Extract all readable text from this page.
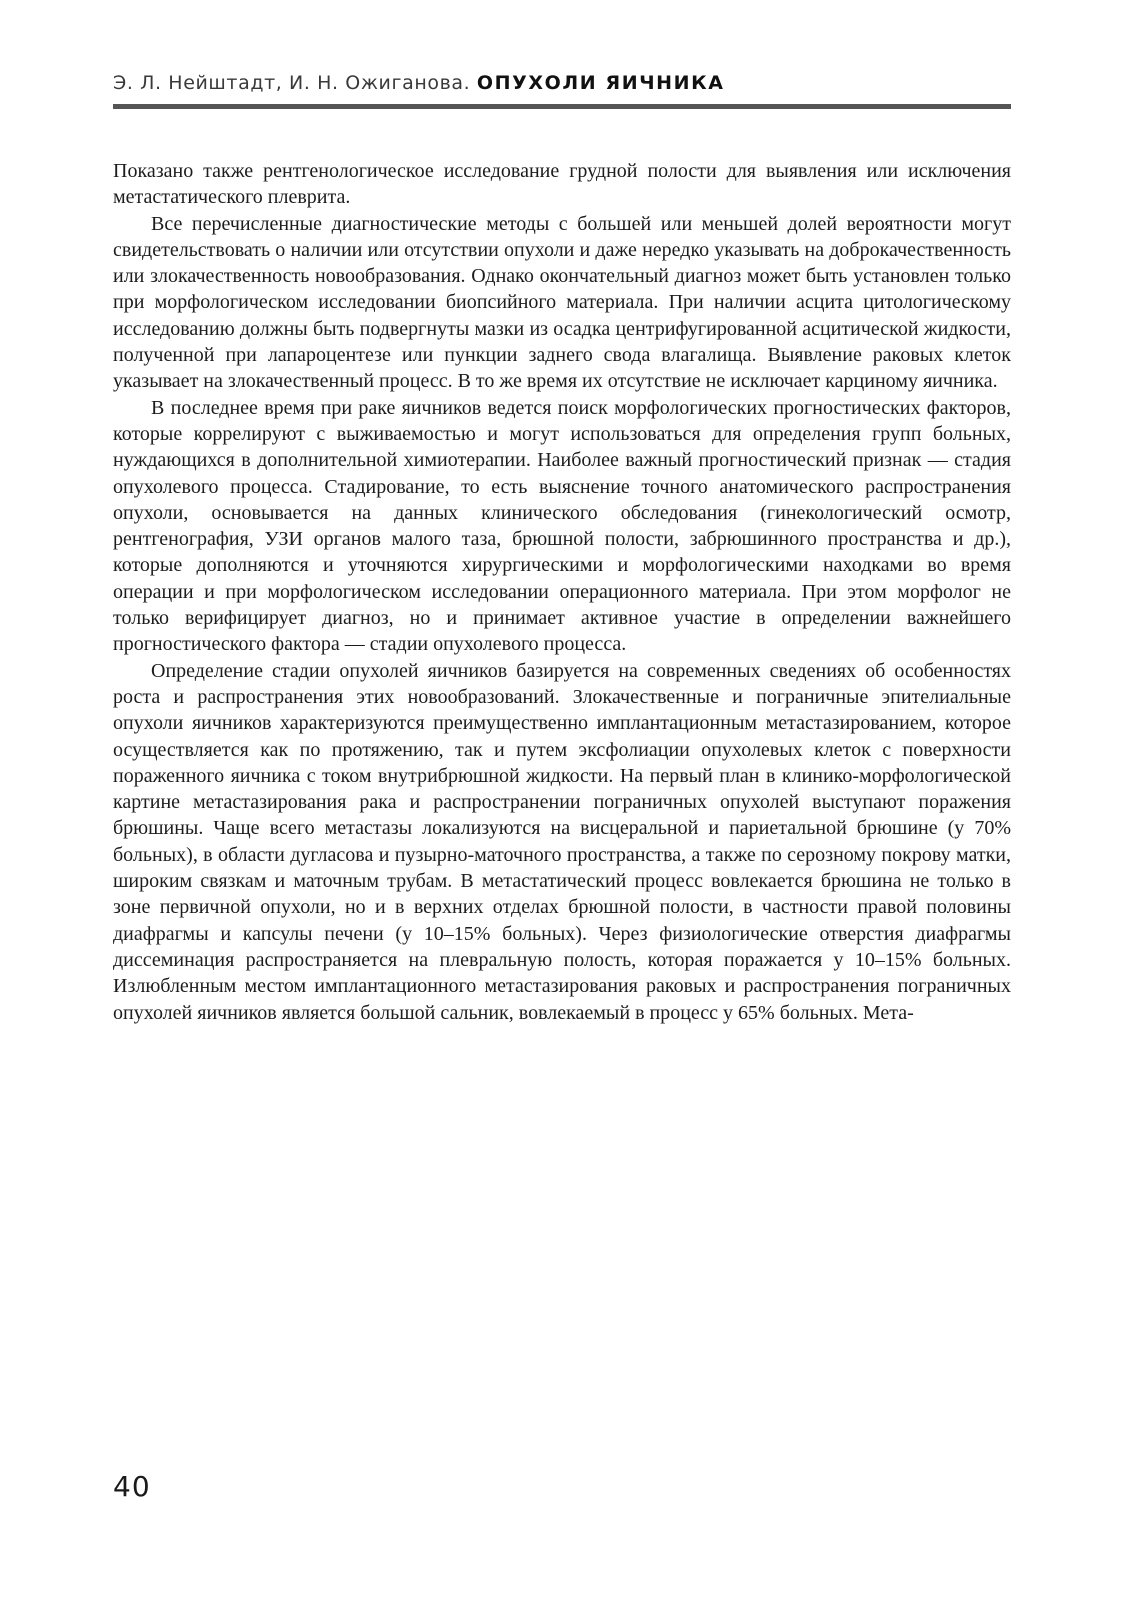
Э. Л. Нейштадт, И. Н. Ожиганова. ОПУХОЛИ ЯИЧНИКА

Показано также рентгенологическое исследование грудной полости для выявления или исключения метастатического плеврита.

Все перечисленные диагностические методы с большей или меньшей долей вероятности могут свидетельствовать о наличии или отсутствии опухоли и даже нередко указывать на доброкачественность или злокачественность новообразования. Однако окончательный диагноз может быть установлен только при морфологическом исследовании биопсийного материала. При наличии асцита цитологическому исследованию должны быть подвергнуты мазки из осадка центрифугированной асцитической жидкости, полученной при лапароцентезе или пункции заднего свода влагалища. Выявление раковых клеток указывает на злокачественный процесс. В то же время их отсутствие не исключает карциному яичника.

В последнее время при раке яичников ведется поиск морфологических прогностических факторов, которые коррелируют с выживаемостью и могут использоваться для определения групп больных, нуждающихся в дополнительной химиотерапии. Наиболее важный прогностический признак — стадия опухолевого процесса. Стадирование, то есть выяснение точного анатомического распространения опухоли, основывается на данных клинического обследования (гинекологический осмотр, рентгенография, УЗИ органов малого таза, брюшной полости, забрюшинного пространства и др.), которые дополняются и уточняются хирургическими и морфологическими находками во время операции и при морфологическом исследовании операционного материала. При этом морфолог не только верифицирует диагноз, но и принимает активное участие в определении важнейшего прогностического фактора — стадии опухолевого процесса.

Определение стадии опухолей яичников базируется на современных сведениях об особенностях роста и распространения этих новообразований. Злокачественные и пограничные эпителиальные опухоли яичников характеризуются преимущественно имплантационным метастазированием, которое осуществляется как по протяжению, так и путем эксфолиации опухолевых клеток с поверхности пораженного яичника с током внутрибрюшной жидкости. На первый план в клинико-морфологической картине метастазирования рака и распространении пограничных опухолей выступают поражения брюшины. Чаще всего метастазы локализуются на висцеральной и париетальной брюшине (у 70% больных), в области дугласова и пузырно-маточного пространства, а также по серозному покрову матки, широким связкам и маточным трубам. В метастатический процесс вовлекается брюшина не только в зоне первичной опухоли, но и в верхних отделах брюшной полости, в частности правой половины диафрагмы и капсулы печени (у 10–15% больных). Через физиологические отверстия диафрагмы диссеминация распространяется на плевральную полость, которая поражается у 10–15% больных. Излюбленным местом имплантационного метастазирования раковых и распространения пограничных опухолей яичников является большой сальник, вовлекаемый в процесс у 65% больных. Мета-

40
